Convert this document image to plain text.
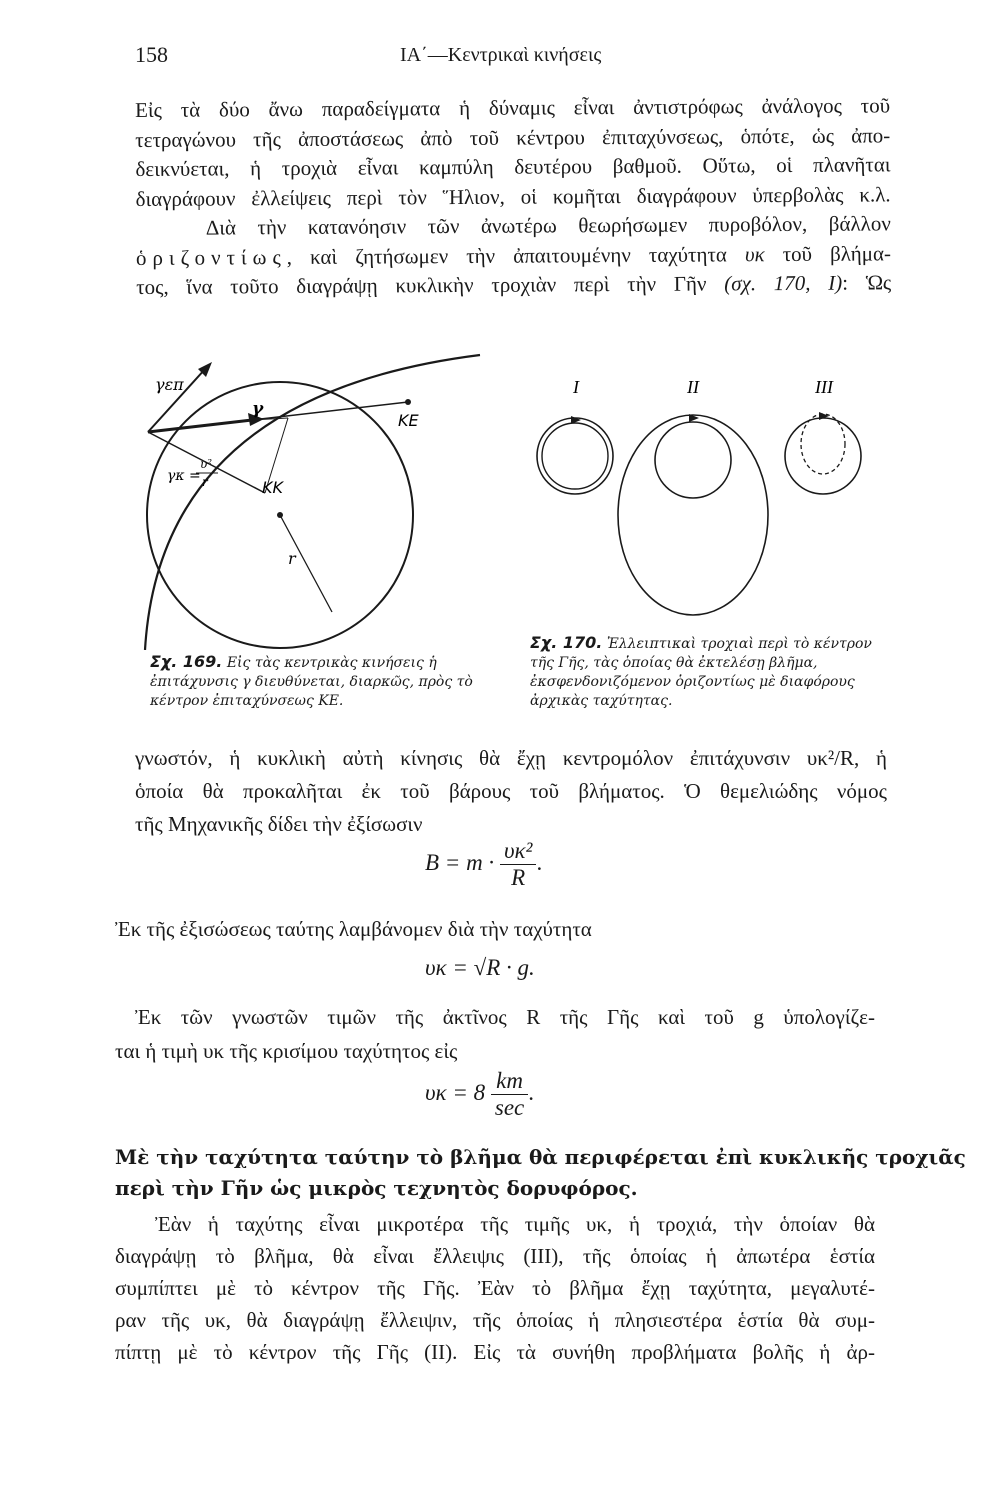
158	ΙΑ΄—Κεντρικαὶ κινήσεις
Εἰς τὰ δύο ἄνω παραδείγματα ἡ δύναμις εἶναι ἀντιστρόφως ἀνάλογος τοῦ
τετραγώνου τῆς ἀποστάσεως ἀπὸ τοῦ κέντρου ἐπιταχύνσεως, ὁπότε, ὡς ἀπο-
δεικνύεται, ἡ τροχιὰ εἶναι καμπύλη δευτέρου βαθμοῦ. Οὕτω, οἱ πλανῆται
διαγράφουν ἐλλείψεις περὶ τὸν Ἥλιον, οἱ κομῆται διαγράφουν ὑπερβολὰς κ.λ.
Διὰ τὴν κατανόησιν τῶν ἀνωτέρω θεωρήσωμεν πυροβόλον, βάλλον
ὁριζοντίως, καὶ ζητήσωμεν τὴν ἀπαιτουμένην ταχύτητα υκ τοῦ βλήμα-
τος, ἵνα τοῦτο διαγράψῃ κυκλικὴν τροχιὰν περὶ τὴν Γῆν (σχ. 170, I): Ὡς
γεπ
γ
ΚΕ
ΚΚ
γκ =
υ²
r
r
Σχ. 169. Εἰς τὰς κεντρικὰς κινήσεις ἡ ἐπιτάχυνσις γ διευθύνεται, διαρκῶς, πρὸς τὸ κέντρον ἐπιταχύνσεως ΚΕ.
I	II	III
Σχ. 170. Ἐλλειπτικαὶ τροχιαὶ περὶ τὸ κέντρον τῆς Γῆς, τὰς ὁποίας θὰ ἐκτελέσῃ βλῆμα, ἐκσφενδονιζόμενον ὁριζοντίως μὲ διαφόρους ἀρχικὰς ταχύτητας.
γνωστόν, ἡ κυκλικὴ αὐτὴ κίνησις θὰ ἔχῃ κεντρομόλον ἐπιτάχυνσιν υκ²/R, ἡ
ὁποία θὰ προκαλῆται ἐκ τοῦ βάρους τοῦ βλήματος. Ὁ θεμελιώδης νόμος
τῆς Μηχανικῆς δίδει τὴν ἐξίσωσιν
$B = m \cdot \frac{\text{υκ²}}{R}$ .
Ἐκ τῆς ἐξισώσεως ταύτης λαμβάνομεν διὰ τὴν ταχύτητα
υκ = √R · g.
Ἐκ τῶν γνωστῶν τιμῶν τῆς ἀκτῖνος R τῆς Γῆς καὶ τοῦ g ὑπολογίζε-
ται ἡ τιμὴ υκ τῆς κρισίμου ταχύτητος εἰς
$\upsilon\kappa = 8 \frac{km}{\sec}$ .
Μὲ τὴν ταχύτητα ταύτην τὸ βλῆμα θὰ περιφέρεται ἐπὶ κυκλικῆς τροχιᾶς
περὶ τὴν Γῆν ὡς μικρὸς τεχνητὸς δορυφόρος.
Ἐὰν ἡ ταχύτης εἶναι μικροτέρα τῆς τιμῆς υκ, ἡ τροχιά, τὴν ὁποίαν θὰ
διαγράψῃ τὸ βλῆμα, θὰ εἶναι ἔλλειψις (III), τῆς ὁποίας ἡ ἀπωτέρα ἑστία
συμπίπτει μὲ τὸ κέντρον τῆς Γῆς. Ἐὰν τὸ βλῆμα ἔχῃ ταχύτητα, μεγαλυτέ-
ραν τῆς υκ, θὰ διαγράψῃ ἔλλειψιν, τῆς ὁποίας ἡ πλησιεστέρα ἑστία θὰ συμ-
πίπτῃ μὲ τὸ κέντρον τῆς Γῆς (II). Εἰς τὰ συνήθη προβλήματα βολῆς ἡ ἀρ-
